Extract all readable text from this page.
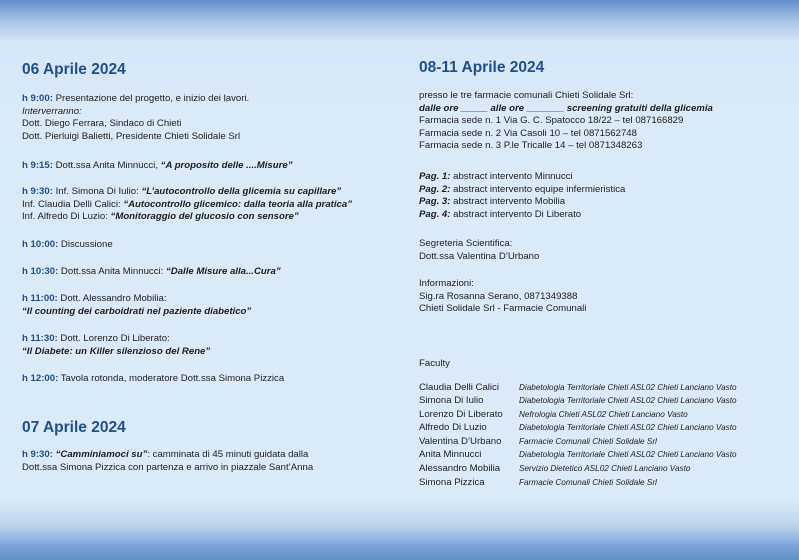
06 Aprile 2024
h 9:00: Presentazione del progetto, e inizio dei lavori.
Interverranno:
Dott. Diego Ferrara, Sindaco di Chieti
Dott. Pierluigi Balietti, Presidente Chieti Solidale Srl
h 9:15: Dott.ssa Anita Minnucci, “A proposito delle ....Misure”
h 9:30: Inf. Simona Di Iulio: “L’autocontrollo della glicemia su capillare”
Inf. Claudia Delli Calici: “Autocontrollo glicemico: dalla teoria alla pratica”
Inf. Alfredo Di Luzio: “Monitoraggio del glucosio con sensore”
h 10:00: Discussione
h 10:30: Dott.ssa Anita Minnucci: “Dalle Misure alla...Cura”
h 11:00: Dott. Alessandro Mobilia:
“Il counting dei carboidrati nel paziente diabetico”
h 11:30: Dott. Lorenzo Di Liberato:
“Il Diabete: un Killer silenzioso del Rene”
h 12:00: Tavola rotonda, moderatore Dott.ssa Simona Pizzica
07 Aprile 2024
h 9:30: “Camminiamoci su”: camminata di 45 minuti guidata dalla
Dott.ssa Simona Pizzica con partenza e arrivo in piazzale Sant’Anna
08-11 Aprile 2024
presso le tre farmacie comunali Chieti Solidale Srl:
dalle ore _____ alle ore _______ screening gratuiti della glicemia
Farmacia sede n. 1 Via G. C. Spatocco 18/22 – tel 087166829
Farmacia sede n. 2 Via Casoli 10 – tel 0871562748
Farmacia sede n. 3 P.le Tricalle 14 – tel 0871348263
Pag. 1: abstract intervento Minnucci
Pag. 2: abstract intervento equipe infermieristica
Pag. 3: abstract intervento Mobilia
Pag. 4: abstract intervento Di Liberato
Segreteria Scientifica:
Dott.ssa Valentina D’Urbano
Informazioni:
Sig.ra Rosanna Serano, 0871349388
Chieti Solidale Srl - Farmacie Comunali
Faculty
Claudia Delli Calici	Diabetologia Territoriale Chieti ASL02 Chieti Lanciano Vasto
Simona Di Iulio	Diabetologia Territoriale Chieti ASL02 Chieti Lanciano Vasto
Lorenzo Di Liberato	Nefrologia Chieti ASL02 Chieti Lanciano Vasto
Alfredo Di Luzio	Diabetologia Territoriale Chieti ASL02 Chieti Lanciano Vasto
Valentina D’Urbano	Farmacie Comunali Chieti Solidale Srl
Anita Minnucci	Diabetologia Territoriale Chieti ASL02 Chieti Lanciano Vasto
Alessandro Mobilia	Servizio Dietetico ASL02 Chieti Lanciano Vasto
Simona Pizzica	Farmacie Comunali Chieti Solidale Srl
